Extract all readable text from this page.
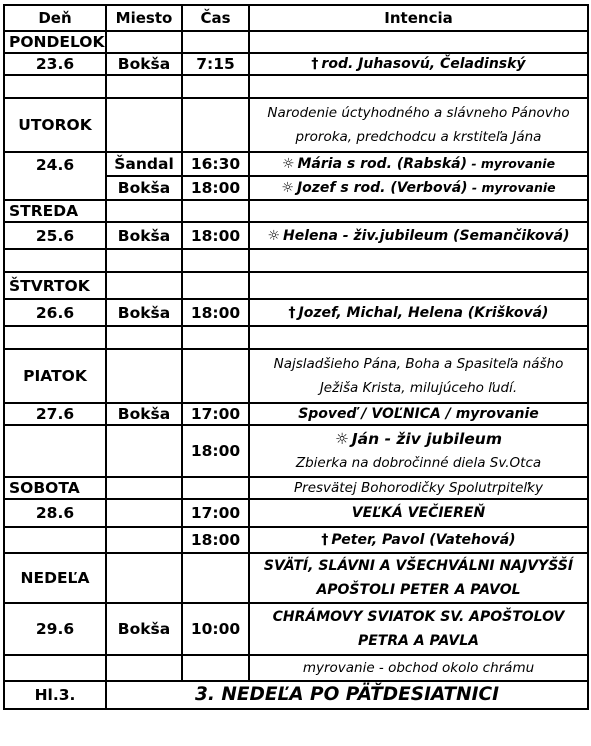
Deň	Miesto	Čas	Intencia
PONDELOK			
23.6	Bokša	7:15	† rod. Juhasovú, Čeladinský

UTOROK			Narodenie úctyhodného a slávneho Pánovho
proroka, predchodcu a krstiteľa Jána
24.6	Šandal	16:30	☼ Mária s rod. (Rabská) - myrovanie
	Bokša	18:00	☼ Jozef s rod. (Verbová) - myrovanie
STREDA			
25.6	Bokša	18:00	☼ Helena - živ.jubileum (Semančiková)

ŠTVRTOK			
26.6	Bokša	18:00	† Jozef, Michal, Helena (Krišková)

PIATOK			Najsladšieho Pána, Boha a Spasiteľa nášho
Ježiša Krista, milujúceho ľudí.
27.6	Bokša	17:00	Spoveď / VOĽNICA / myrovanie
		18:00	☼ Ján - živ jubileum
Zbierka na dobročinné diela Sv.Otca
SOBOTA			Presvätej Bohorodičky Spolutrpiteľky
28.6		17:00	VEĽKÁ VEČIEREŇ
		18:00	† Peter, Pavol (Vatehová)
NEDEĽA			SVÄTÍ, SLÁVNI A VŠECHVÁLNI NAJVYŠŠÍ
APOŠTOLI PETER A PAVOL
29.6	Bokša	10:00	CHRÁMOVY SVIATOK SV. APOŠTOLOV
PETRA A PAVLA
			myrovanie - obchod okolo chrámu
Hl.3.	3. NEDEĽA PO PÄŤDESIATNICI		
